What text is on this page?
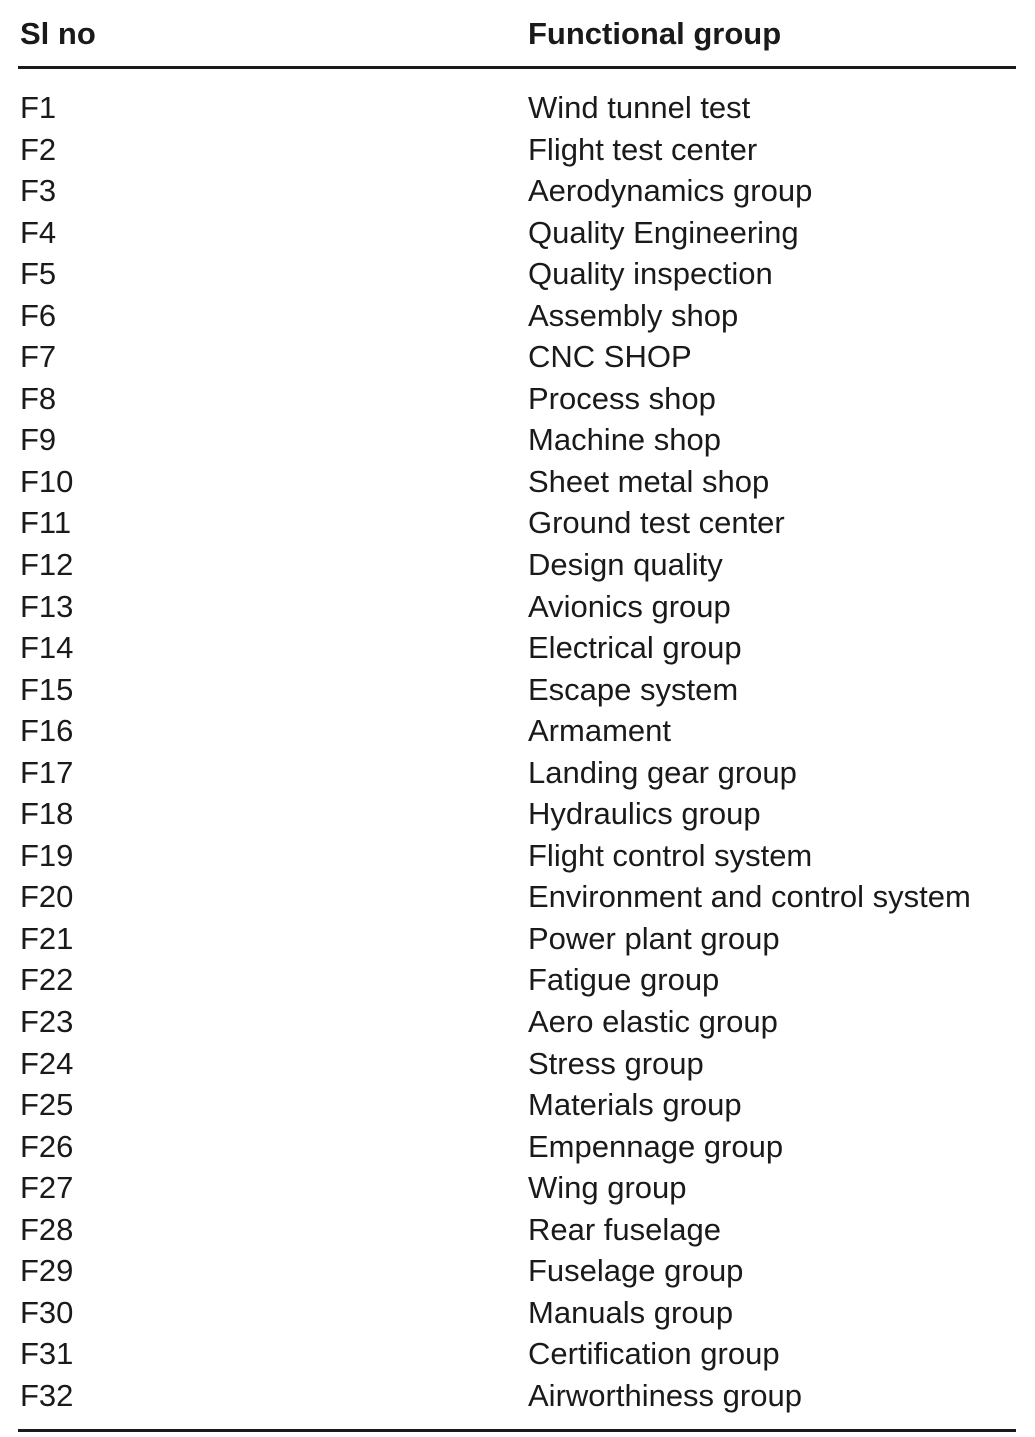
Sl no	Functional group
F1	Wind tunnel test
F2	Flight test center
F3	Aerodynamics group
F4	Quality Engineering
F5	Quality inspection
F6	Assembly shop
F7	CNC SHOP
F8	Process shop
F9	Machine shop
F10	Sheet metal shop
F11	Ground test center
F12	Design quality
F13	Avionics group
F14	Electrical group
F15	Escape system
F16	Armament
F17	Landing gear group
F18	Hydraulics group
F19	Flight control system
F20	Environment and control system
F21	Power plant group
F22	Fatigue group
F23	Aero elastic group
F24	Stress group
F25	Materials group
F26	Empennage group
F27	Wing group
F28	Rear fuselage
F29	Fuselage group
F30	Manuals group
F31	Certification group
F32	Airworthiness group
